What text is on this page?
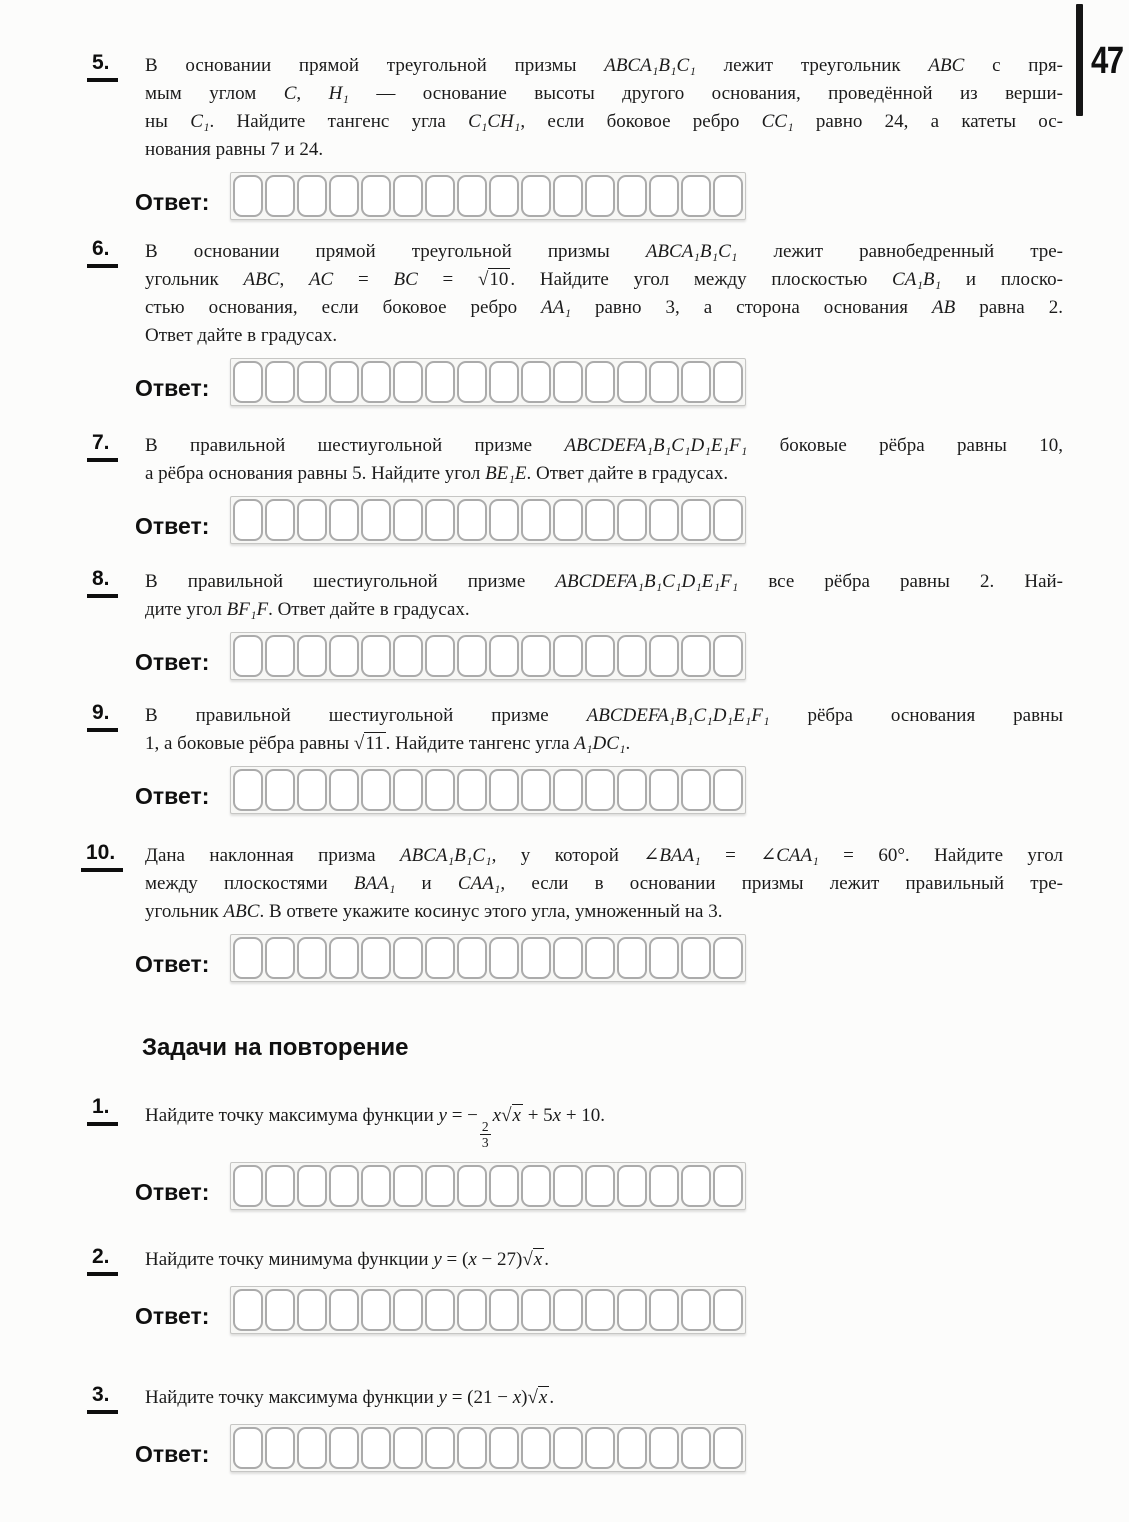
47
5.	В основании прямой треугольной призмы ABCA₁B₁C₁ лежит треугольник ABC с пря-
мым углом C, H₁ — основание высоты другого основания, проведённой из верши-
ны C₁. Найдите тангенс угла C₁CH₁, если боковое ребро CC₁ равно 24, а катеты ос-
нования равны 7 и 24.
Ответ:
6.	В основании прямой треугольной призмы ABCA₁B₁C₁ лежит равнобедренный тре-
угольник ABC, AC = BC = √10 . Найдите угол между плоскостью CA₁B₁ и плоско-
стью основания, если боковое ребро AA₁ равно 3, а сторона основания AB равна 2.
Ответ дайте в градусах.
Ответ:
7.	В правильной шестиугольной призме ABCDEFA₁B₁C₁D₁E₁F₁ боковые рёбра равны 10,
а рёбра основания равны 5. Найдите угол BE₁E. Ответ дайте в градусах.
Ответ:
8.	В правильной шестиугольной призме ABCDEFA₁B₁C₁D₁E₁F₁ все рёбра равны 2. Най-
дите угол BF₁F. Ответ дайте в градусах.
Ответ:
9.	В правильной шестиугольной призме ABCDEFA₁B₁C₁D₁E₁F₁ рёбра основания равны
1, а боковые рёбра равны √11 . Найдите тангенс угла A₁DC₁.
Ответ:
10.	Дана наклонная призма ABCA₁B₁C₁, у которой ∠BAA₁ = ∠CAA₁ = 60°. Найдите угол
между плоскостями BAA₁ и CAA₁, если в основании призмы лежит правильный тре-
угольник ABC. В ответе укажите косинус этого угла, умноженный на 3.
Ответ:
Задачи на повторение
1.	Найдите точку максимума функции y = −
$\frac{2}{3}$
x√x + 5x + 10.
Ответ:
2.	Найдите точку минимума функции y = (x − 27)√x .
Ответ:
3.	Найдите точку максимума функции y = (21 − x)√x .
Ответ:
